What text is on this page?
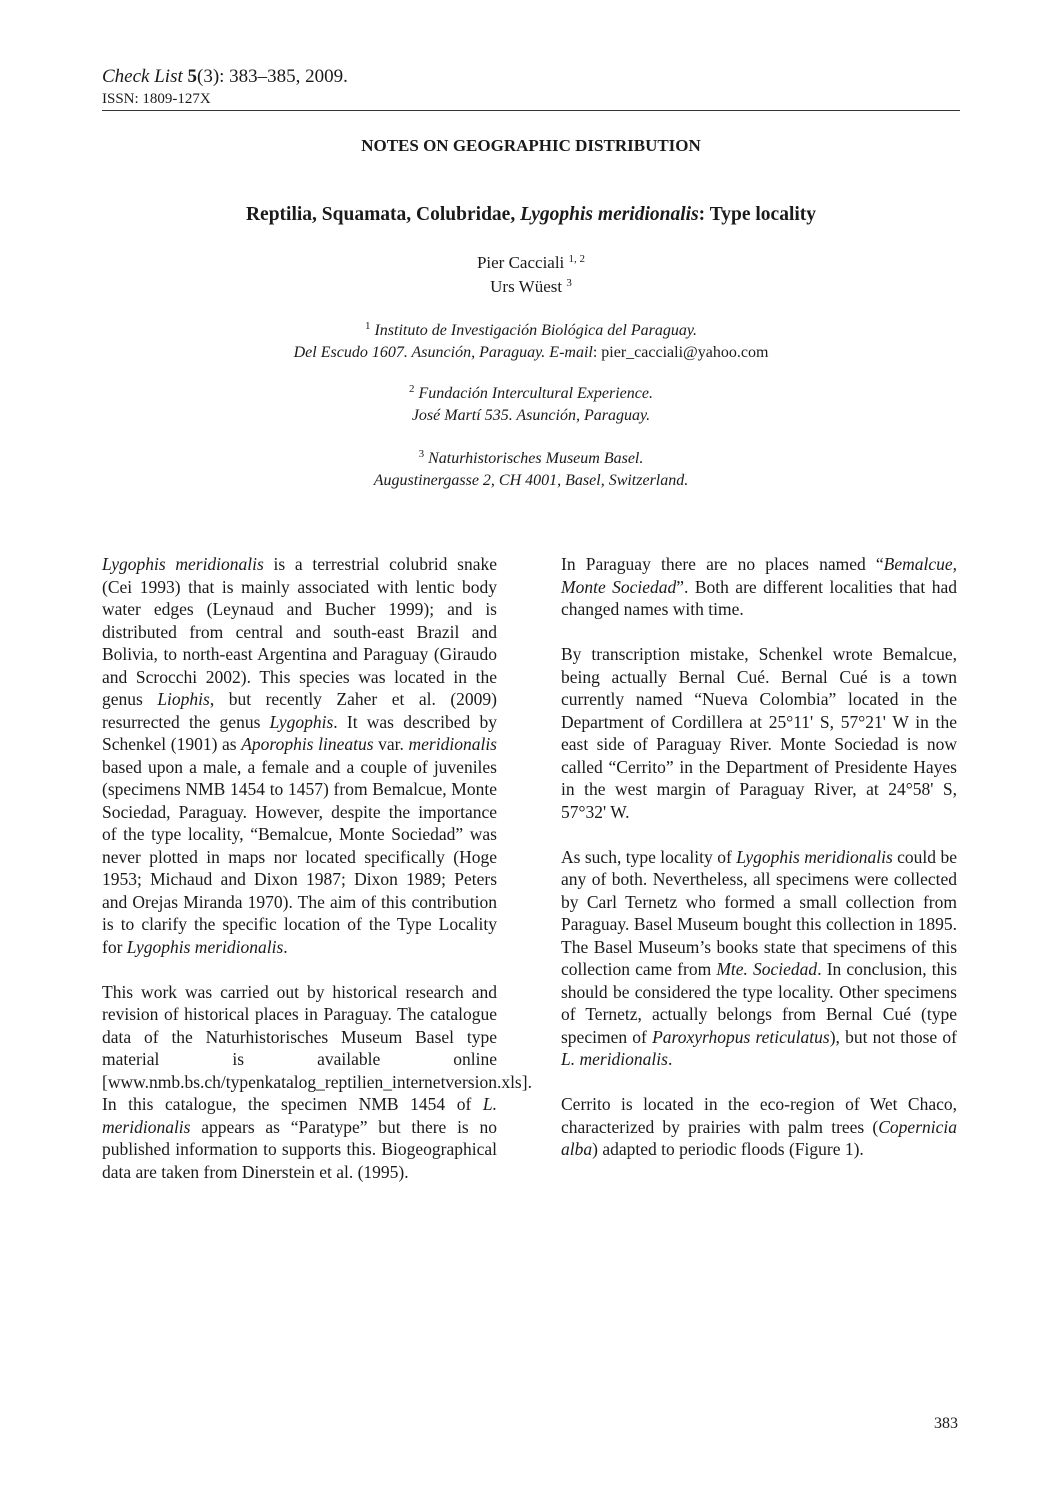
Check List 5(3): 383–385, 2009.
ISSN: 1809-127X
NOTES ON GEOGRAPHIC DISTRIBUTION
Reptilia, Squamata, Colubridae, Lygophis meridionalis: Type locality
Pier Cacciali $^{1, 2}$
Urs Wüest $^3$
$^1$ Instituto de Investigación Biológica del Paraguay.
Del Escudo 1607. Asunción, Paraguay. E-mail: pier_cacciali@yahoo.com
$^2$ Fundación Intercultural Experience.
José Martí 535. Asunción, Paraguay.
$^3$ Naturhistorisches Museum Basel.
Augustinergasse 2, CH 4001, Basel, Switzerland.

Lygophis meridionalis is a terrestrial colubrid snake (Cei 1993) that is mainly associated with lentic body water edges (Leynaud and Bucher 1999); and is distributed from central and south-east Brazil and Bolivia, to north-east Argentina and Paraguay (Giraudo and Scrocchi 2002). This species was located in the genus Liophis, but recently Zaher et al. (2009) resurrected the genus Lygophis. It was described by Schenkel (1901) as Aporophis lineatus var. meridionalis based upon a male, a female and a couple of juveniles (specimens NMB 1454 to 1457) from Bemalcue, Monte Sociedad, Paraguay. However, despite the importance of the type locality, “Bemalcue, Monte Sociedad” was never plotted in maps nor located specifically (Hoge 1953; Michaud and Dixon 1987; Dixon 1989; Peters and Orejas Miranda 1970). The aim of this contribution is to clarify the specific location of the Type Locality for Lygophis meridionalis.

This work was carried out by historical research and revision of historical places in Paraguay. The catalogue data of the Naturhistorisches Museum Basel type material is available online [www.nmb.bs.ch/typenkatalog_reptilien_internetversion.xls]. In this catalogue, the specimen NMB 1454 of L. meridionalis appears as “Paratype” but there is no published information to supports this. Biogeographical data are taken from Dinerstein et al. (1995).

In Paraguay there are no places named “Bemalcue, Monte Sociedad”. Both are different localities that had changed names with time.

By transcription mistake, Schenkel wrote Bemalcue, being actually Bernal Cué. Bernal Cué is a town currently named “Nueva Colombia” located in the Department of Cordillera at 25°11' S, 57°21' W in the east side of Paraguay River. Monte Sociedad is now called “Cerrito” in the Department of Presidente Hayes in the west margin of Paraguay River, at 24°58' S, 57°32' W.

As such, type locality of Lygophis meridionalis could be any of both. Nevertheless, all specimens were collected by Carl Ternetz who formed a small collection from Paraguay. Basel Museum bought this collection in 1895. The Basel Museum’s books state that specimens of this collection came from Mte. Sociedad. In conclusion, this should be considered the type locality. Other specimens of Ternetz, actually belongs from Bernal Cué (type specimen of Paroxyrhopus reticulatus), but not those of L. meridionalis.

Cerrito is located in the eco-region of Wet Chaco, characterized by prairies with palm trees (Copernicia alba) adapted to periodic floods (Figure 1).

383
